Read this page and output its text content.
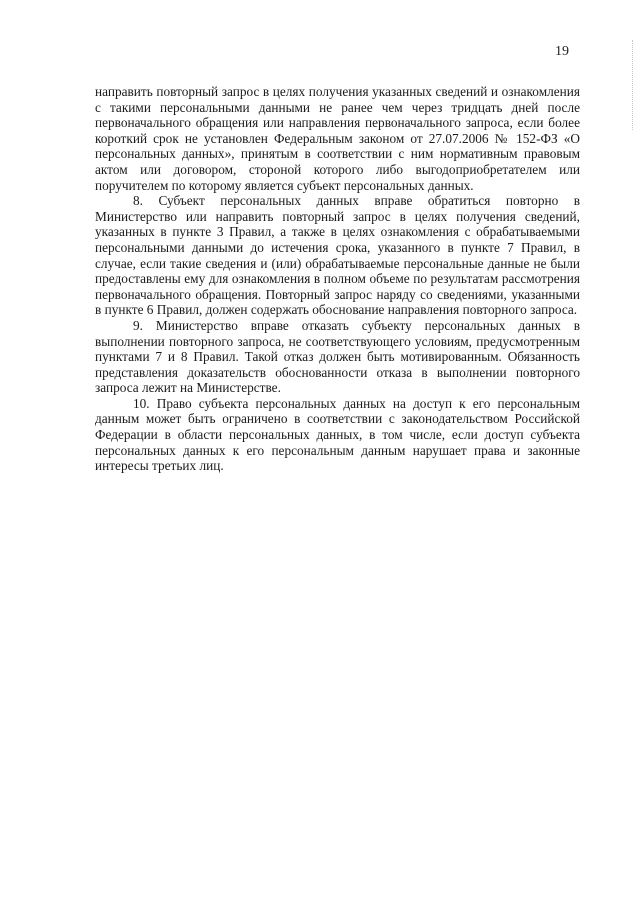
19

направить повторный запрос в целях получения указанных сведений и ознакомления с такими персональными данными не ранее чем через тридцать дней после первоначального обращения или направления первоначального запроса, если более короткий срок не установлен Федеральным законом от 27.07.2006 № 152-ФЗ «О персональных данных», принятым в соответствии с ним нормативным правовым актом или договором, стороной которого либо выгодоприобретателем или поручителем по которому является субъект персональных данных.

8. Субъект персональных данных вправе обратиться повторно в Министерство или направить повторный запрос в целях получения сведений, указанных в пункте 3 Правил, а также в целях ознакомления с обрабатываемыми персональными данными до истечения срока, указанного в пункте 7 Правил, в случае, если такие сведения и (или) обрабатываемые персональные данные не были предоставлены ему для ознакомления в полном объеме по результатам рассмотрения первоначального обращения. Повторный запрос наряду со сведениями, указанными в пункте 6 Правил, должен содержать обоснование направления повторного запроса.

9. Министерство вправе отказать субъекту персональных данных в выполнении повторного запроса, не соответствующего условиям, предусмотренным пунктами 7 и 8 Правил. Такой отказ должен быть мотивированным. Обязанность представления доказательств обоснованности отказа в выполнении повторного запроса лежит на Министерстве.

10. Право субъекта персональных данных на доступ к его персональным данным может быть ограничено в соответствии с законодательством Российской Федерации в области персональных данных, в том числе, если доступ субъекта персональных данных к его персональным данным нарушает права и законные интересы третьих лиц.
